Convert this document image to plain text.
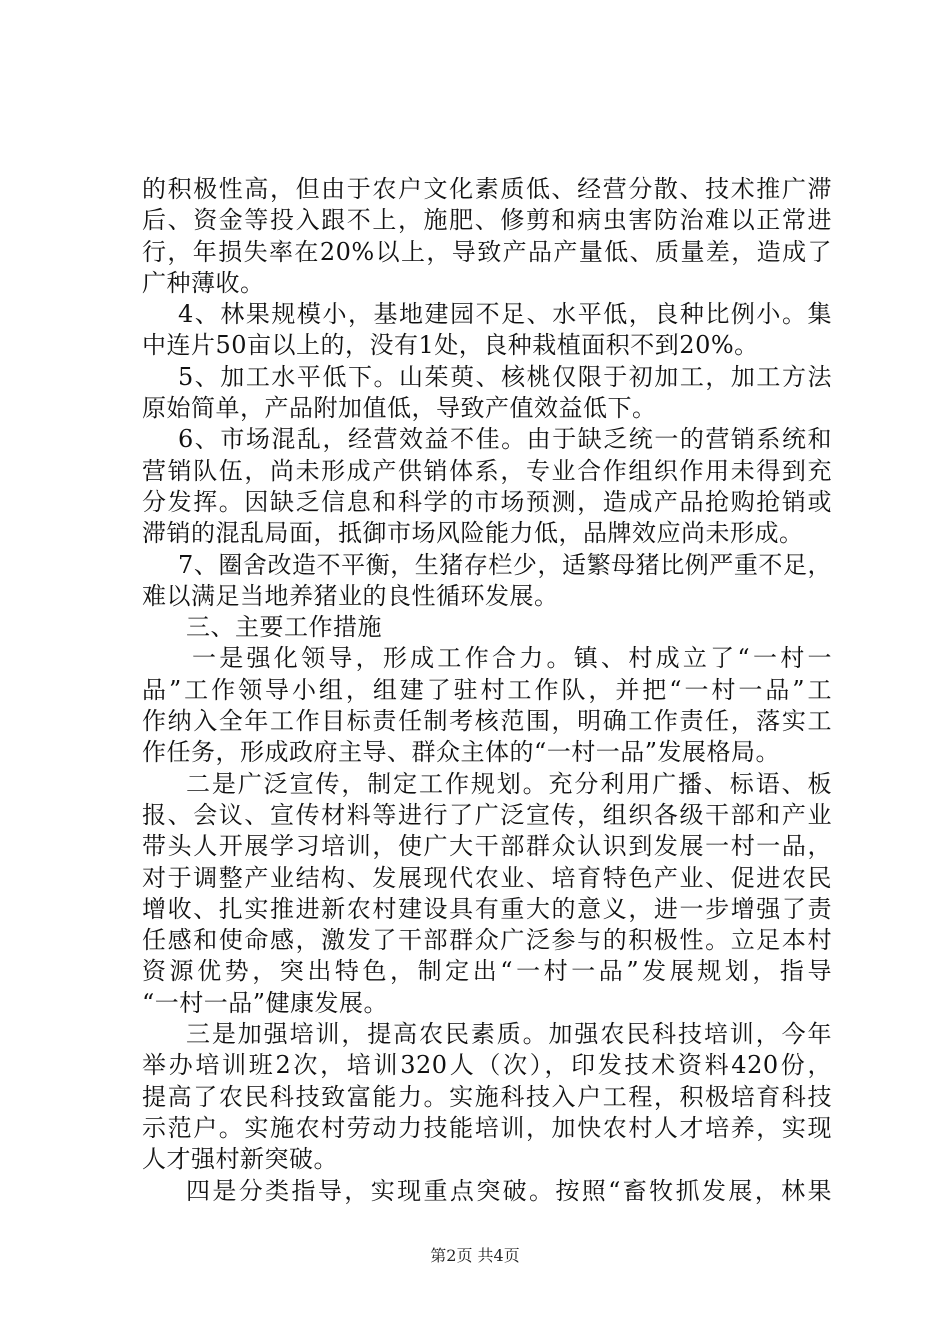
的积极性高，但由于农户文化素质低、经营分散、技术推广滞
后、资金等投入跟不上，施肥、修剪和病虫害防治难以正常进
行，年损失率在20%以上，导致产品产量低、质量差，造成了
广种薄收。
4、林果规模小，基地建园不足、水平低，良种比例小。集
中连片50亩以上的，没有1处，良种栽植面积不到20%。
5、加工水平低下。山茱萸、核桃仅限于初加工，加工方法
原始简单，产品附加值低，导致产值效益低下。
6、市场混乱，经营效益不佳。由于缺乏统一的营销系统和
营销队伍，尚未形成产供销体系，专业合作组织作用未得到充
分发挥。因缺乏信息和科学的市场预测，造成产品抢购抢销或
滞销的混乱局面，抵御市场风险能力低，品牌效应尚未形成。
7、圈舍改造不平衡，生猪存栏少，适繁母猪比例严重不足，
难以满足当地养猪业的良性循环发展。
三、主要工作措施
一是强化领导，形成工作合力。镇、村成立了“一村一
品”工作领导小组，组建了驻村工作队，并把“一村一品”工
作纳入全年工作目标责任制考核范围，明确工作责任，落实工
作任务，形成政府主导、群众主体的“一村一品”发展格局。
二是广泛宣传，制定工作规划。充分利用广播、标语、板
报、会议、宣传材料等进行了广泛宣传，组织各级干部和产业
带头人开展学习培训，使广大干部群众认识到发展一村一品，
对于调整产业结构、发展现代农业、培育特色产业、促进农民
增收、扎实推进新农村建设具有重大的意义，进一步增强了责
任感和使命感，激发了干部群众广泛参与的积极性。立足本村
资源优势，突出特色，制定出“一村一品”发展规划，指导
“一村一品”健康发展。
三是加强培训，提高农民素质。加强农民科技培训，今年
举办培训班2次，培训320人（次），印发技术资料420份，
提高了农民科技致富能力。实施科技入户工程，积极培育科技
示范户。实施农村劳动力技能培训，加快农村人才培养，实现
人才强村新突破。
四是分类指导，实现重点突破。按照“畜牧抓发展，林果
第2页 共4页
